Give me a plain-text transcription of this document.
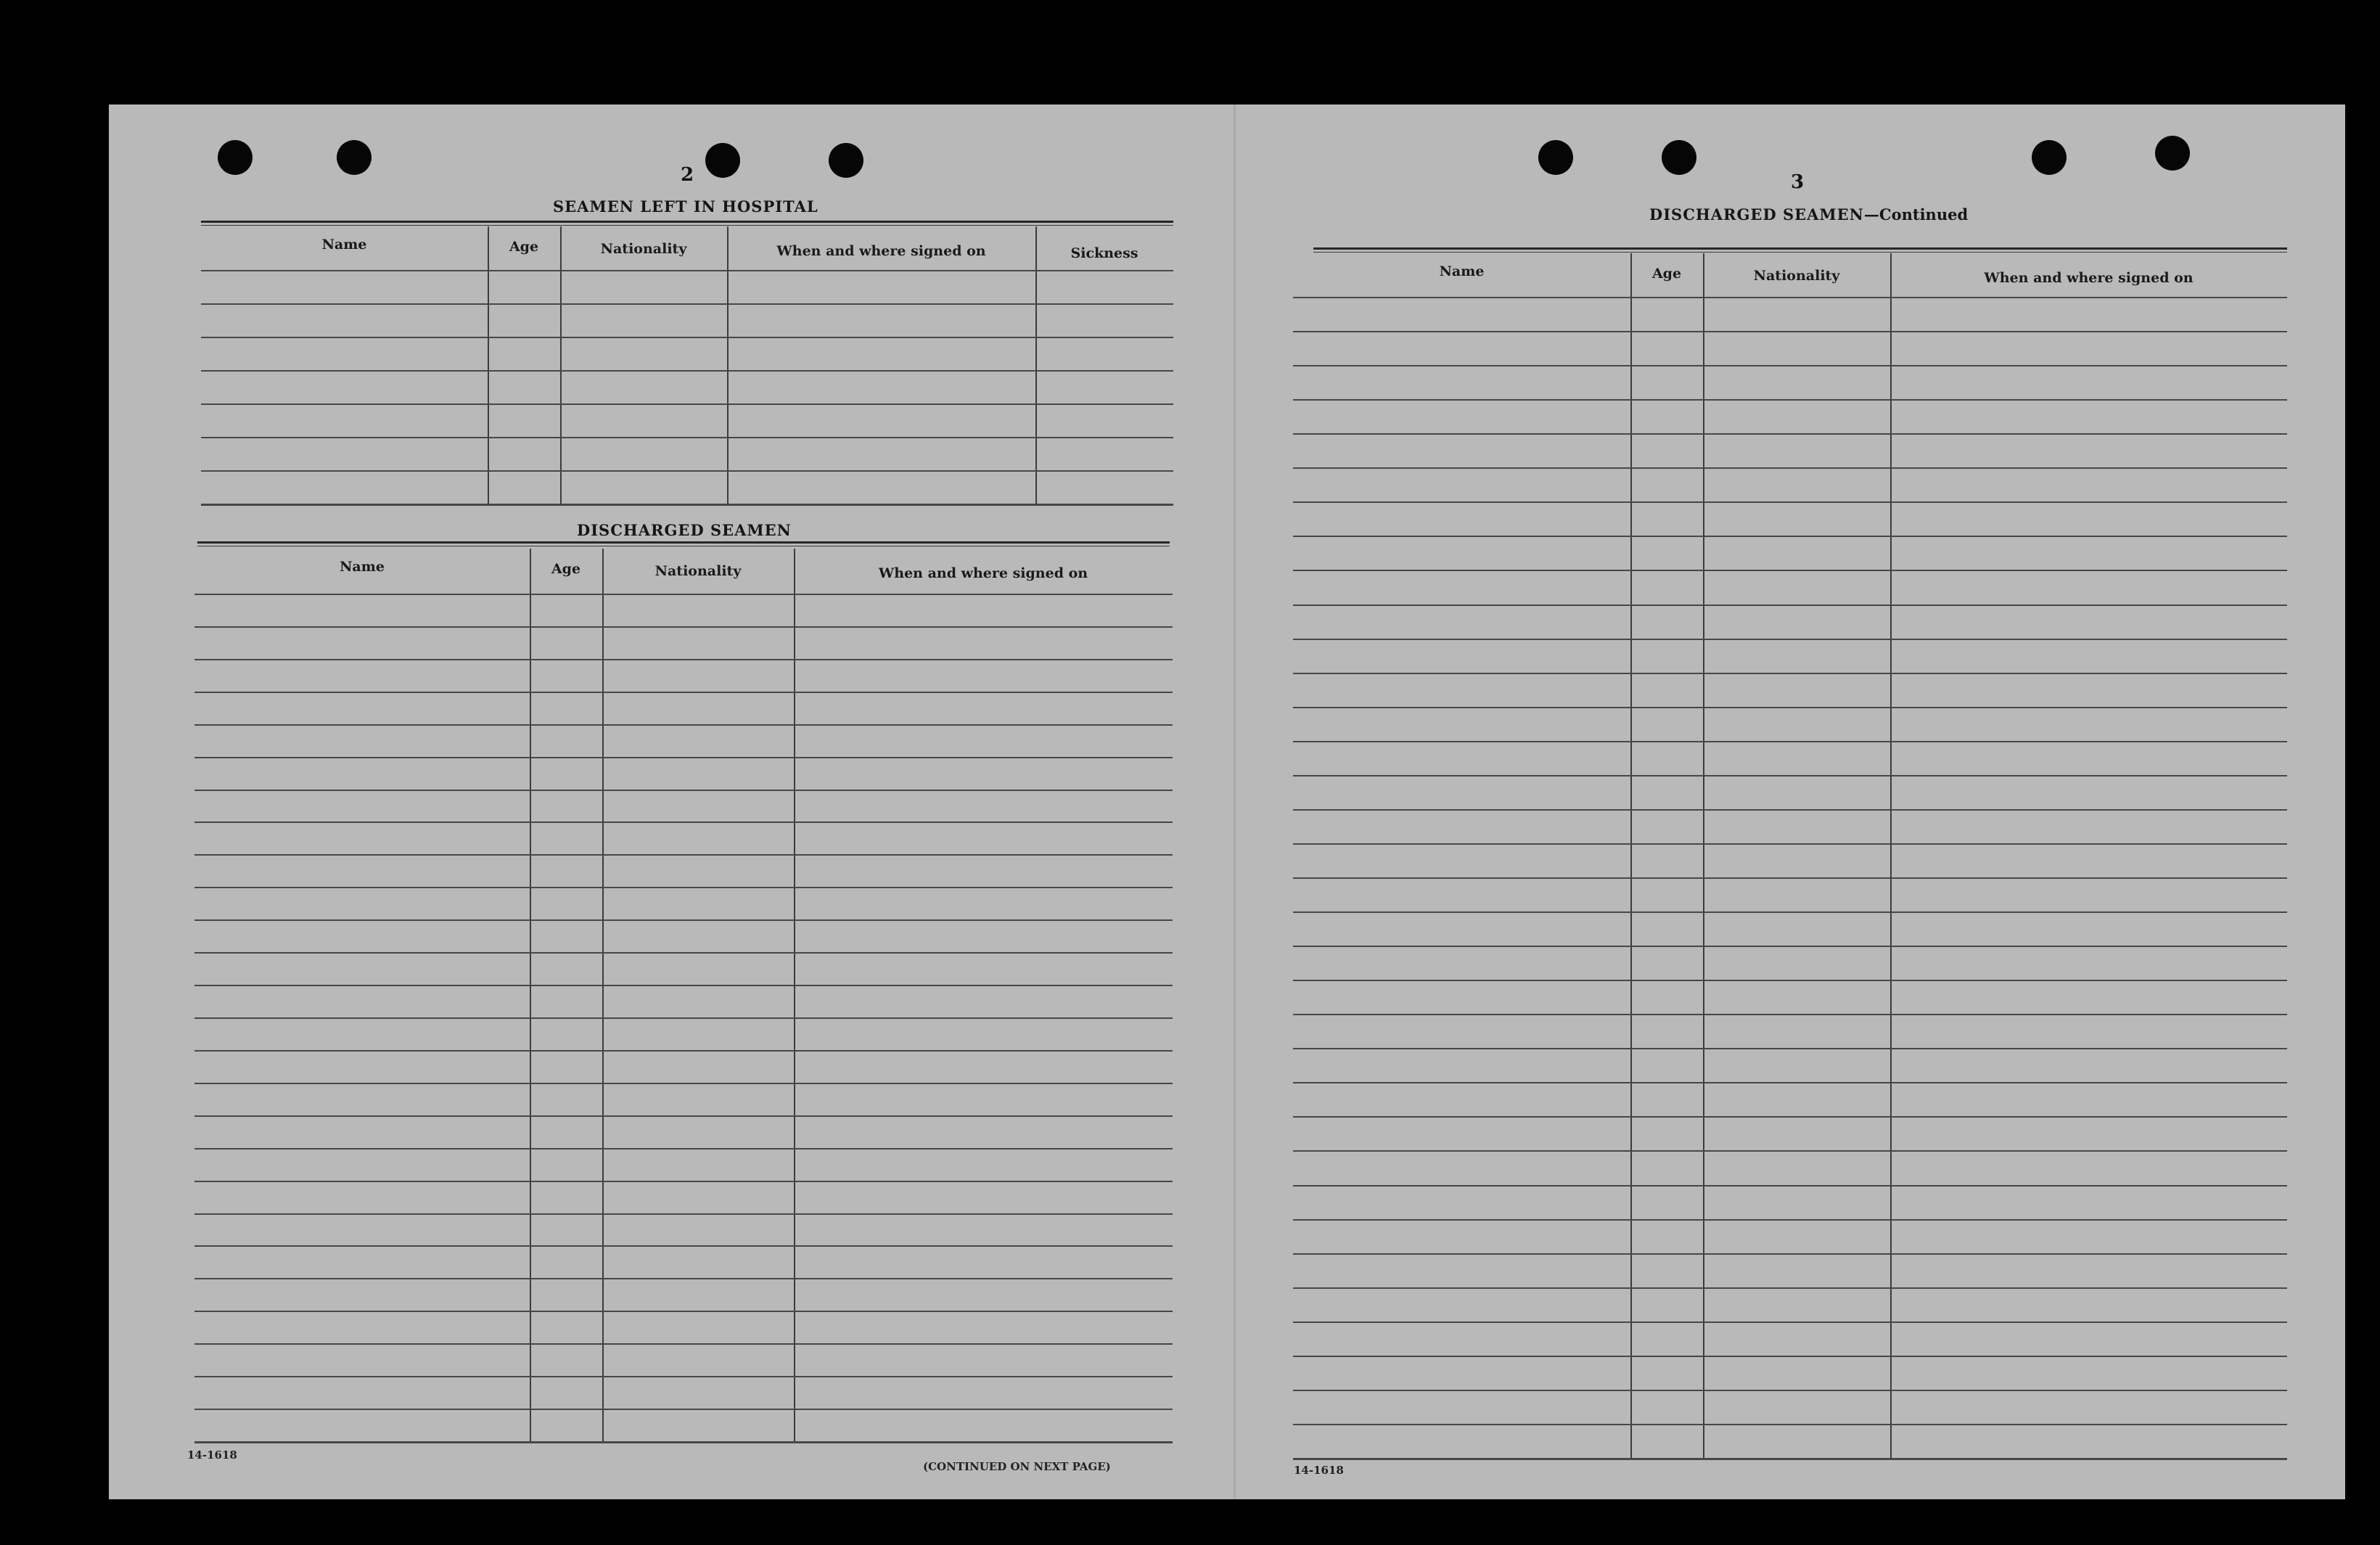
2
SEAMEN LEFT IN HOSPITAL
Name	Age	Nationality	When and where signed on	Sickness
DISCHARGED SEAMEN
Name	Age	Nationality	When and where signed on
14-1618
(CONTINUED ON NEXT PAGE)
3
DISCHARGED SEAMEN—Continued
Name	Age	Nationality	When and where signed on
14-1618
